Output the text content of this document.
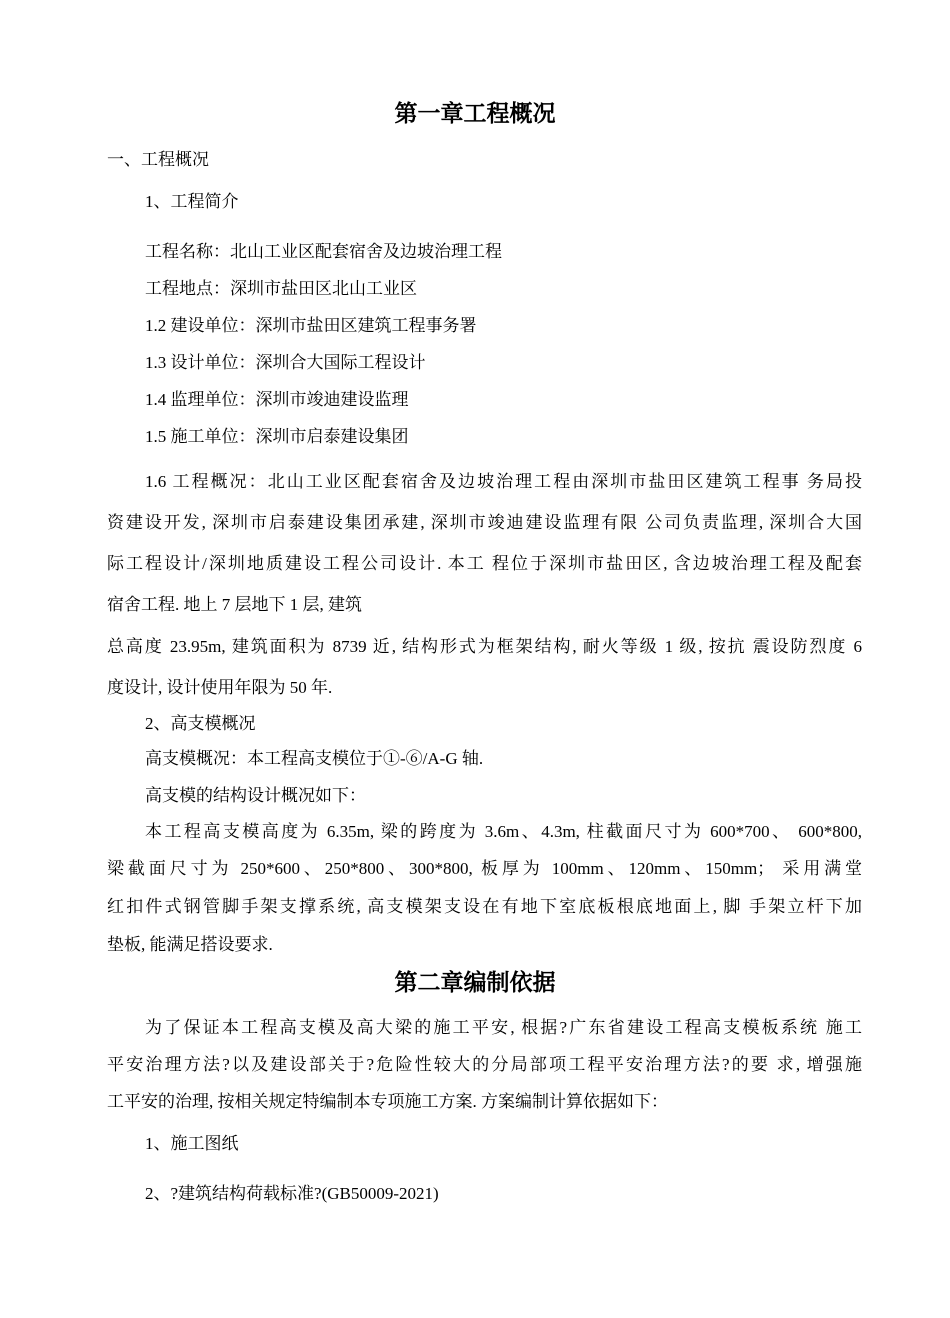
第一章工程概况
一、工程概况
1、工程简介
工程名称：北山工业区配套宿舍及边坡治理工程
工程地点：深圳市盐田区北山工业区
1.2 建设单位：深圳市盐田区建筑工程事务署
1.3 设计单位：深圳合大国际工程设计
1.4 监理单位：深圳市竣迪建设监理
1.5 施工单位：深圳市启泰建设集团
1.6 工程概况：北山工业区配套宿舍及边坡治理工程由深圳市盐田区建筑工程事 务局投
资建设开发, 深圳市启泰建设集团承建, 深圳市竣迪建设监理有限 公司负责监理, 深圳合大国
际工程设计/深圳地质建设工程公司设计. 本工 程位于深圳市盐田区, 含边坡治理工程及配套
宿舍工程. 地上 7 层地下 1 层, 建筑
总高度 23.95m, 建筑面积为 8739 近, 结构形式为框架结构, 耐火等级 1 级, 按抗 震设防烈度 6
度设计, 设计使用年限为 50 年.
2、高支模概况
高支模概况：本工程高支模位于①-⑥/A-G 轴.
高支模的结构设计概况如下：
本工程高支模高度为 6.35m, 梁的跨度为 3.6m、4.3m, 柱截面尺寸为 600*700、 600*800,
梁截面尺寸为 250*600、250*800、300*800, 板厚为 100mm、120mm、150mm； 采用满堂
红扣件式钢管脚手架支撑系统, 高支模架支设在有地下室底板根底地面上, 脚 手架立杆下加
垫板, 能满足搭设要求.
第二章编制依据
为了保证本工程高支模及高大梁的施工平安, 根据?广东省建设工程高支模板系统 施工
平安治理方法?以及建设部关于?危险性较大的分局部项工程平安治理方法?的要 求, 增强施
工平安的治理, 按相关规定特编制本专项施工方案. 方案编制计算依据如下：
1、施工图纸
2、?建筑结构荷载标准?(GB50009-2021)
